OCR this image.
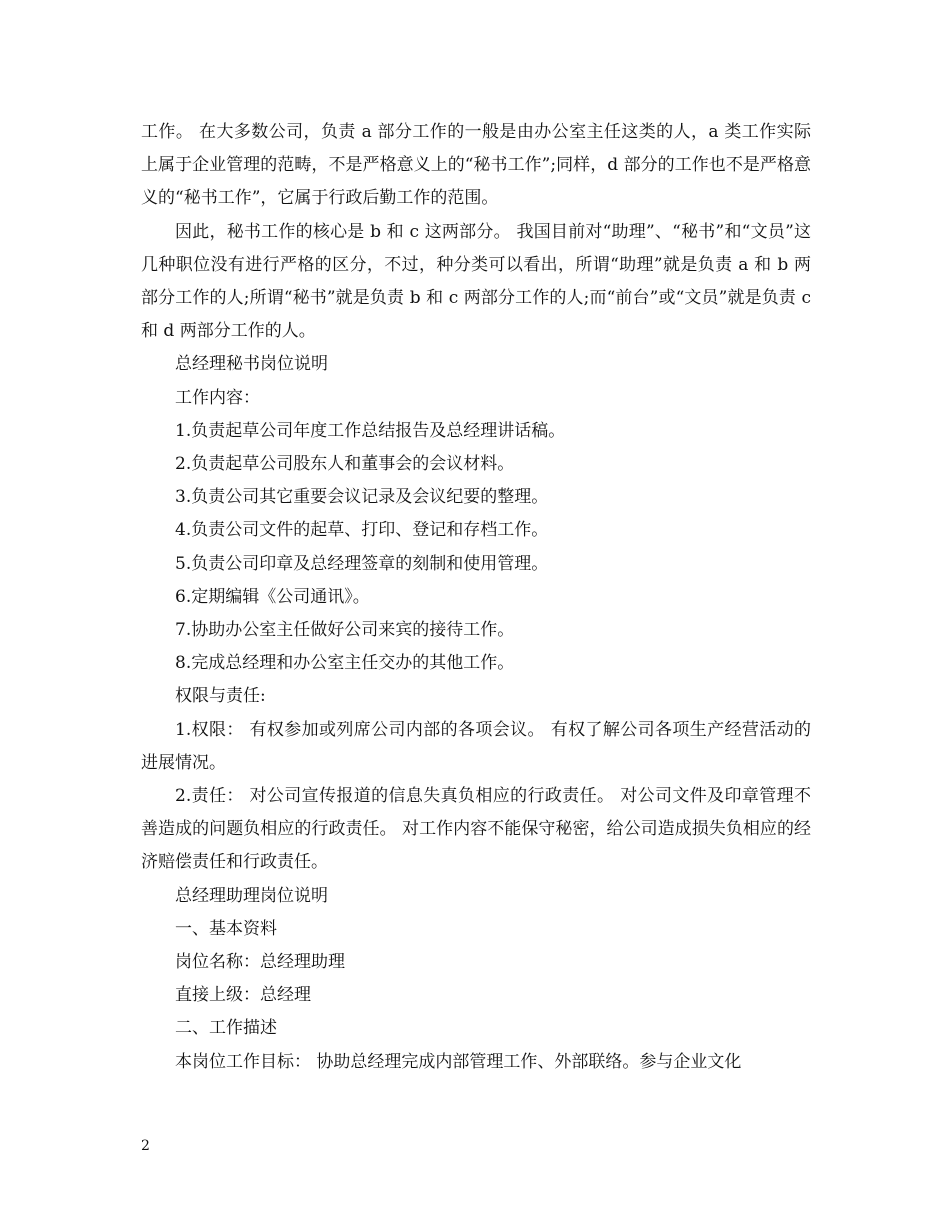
工作。 在大多数公司，负责 a 部分工作的一般是由办公室主任这类的人，a 类工作实际上属于企业管理的范畴，不是严格意义上的“秘书工作”;同样，d 部分的工作也不是严格意义的“秘书工作”，它属于行政后勤工作的范围。

因此，秘书工作的核心是 b 和 c 这两部分。 我国目前对“助理”、“秘书”和“文员”这几种职位没有进行严格的区分，不过，种分类可以看出，所谓“助理”就是负责 a 和 b 两部分工作的人;所谓“秘书”就是负责 b 和 c 两部分工作的人;而“前台”或“文员”就是负责 c 和 d 两部分工作的人。

总经理秘书岗位说明

工作内容：

1.负责起草公司年度工作总结报告及总经理讲话稿。

2.负责起草公司股东人和董事会的会议材料。

3.负责公司其它重要会议记录及会议纪要的整理。

4.负责公司文件的起草、打印、登记和存档工作。

5.负责公司印章及总经理签章的刻制和使用管理。

6.定期编辑《公司通讯》。

7.协助办公室主任做好公司来宾的接待工作。

8.完成总经理和办公室主任交办的其他工作。

权限与责任:

1.权限： 有权参加或列席公司内部的各项会议。 有权了解公司各项生产经营活动的进展情况。

2.责任： 对公司宣传报道的信息失真负相应的行政责任。 对公司文件及印章管理不善造成的问题负相应的行政责任。 对工作内容不能保守秘密，给公司造成损失负相应的经济赔偿责任和行政责任。

总经理助理岗位说明

一、基本资料

岗位名称：总经理助理

直接上级：总经理

二、工作描述

本岗位工作目标： 协助总经理完成内部管理工作、外部联络。参与企业文化

2
